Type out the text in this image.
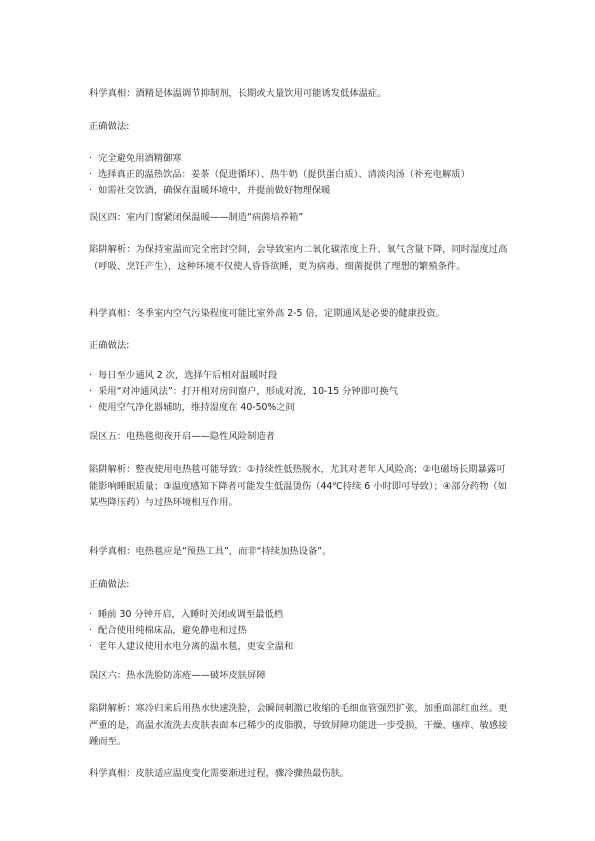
科学真相：酒精是体温调节抑制剂，长期或大量饮用可能诱发低体温症。
正确做法:
· 完全避免用酒精御寒
· 选择真正的温热饮品：姜茶（促进循环）、热牛奶（提供蛋白质）、清淡肉汤（补充电解质）
· 如需社交饮酒，确保在温暖环境中，并提前做好物理保暖
误区四：室内门窗紧闭保温暖——制造“病菌培养箱”
陷阱解析：为保持室温而完全密封空间，会导致室内二氧化碳浓度上升、氧气含量下降，同时湿度过高（呼吸、烹饪产生），这种环境不仅使人昏昏欲睡，更为病毒、细菌提供了理想的繁殖条件。
科学真相：冬季室内空气污染程度可能比室外高 2-5 倍，定期通风是必要的健康投资。
正确做法:
· 每日至少通风 2 次，选择午后相对温暖时段
· 采用“对冲通风法”：打开相对房间窗户，形成对流，10-15 分钟即可换气
· 使用空气净化器辅助，维持湿度在 40-50%之间
误区五：电热毯彻夜开启——隐性风险制造者
陷阱解析：整夜使用电热毯可能导致：①持续性低热脱水，尤其对老年人风险高；②电磁场长期暴露可能影响睡眠质量；③温度感知下降者可能发生低温烫伤（44℃持续 6 小时即可导致）；④部分药物（如某些降压药）与过热环境相互作用。
科学真相：电热毯应是“预热工具”，而非“持续加热设备”。
正确做法:
· 睡前 30 分钟开启，入睡时关闭或调至最低档
· 配合使用纯棉床品，避免静电和过热
· 老年人建议使用水电分离的温水毯，更安全温和
误区六：热水洗脸防冻疮——破坏皮肤屏障
陷阱解析：寒冷归来后用热水快速洗脸，会瞬间刺激已收缩的毛细血管强烈扩张，加重面部红血丝。更严重的是，高温水流洗去皮肤表面本已稀少的皮脂膜，导致屏障功能进一步受损，干燥、瘙痒、敏感接踵而至。
科学真相：皮肤适应温度变化需要渐进过程，骤冷骤热最伤肤。
